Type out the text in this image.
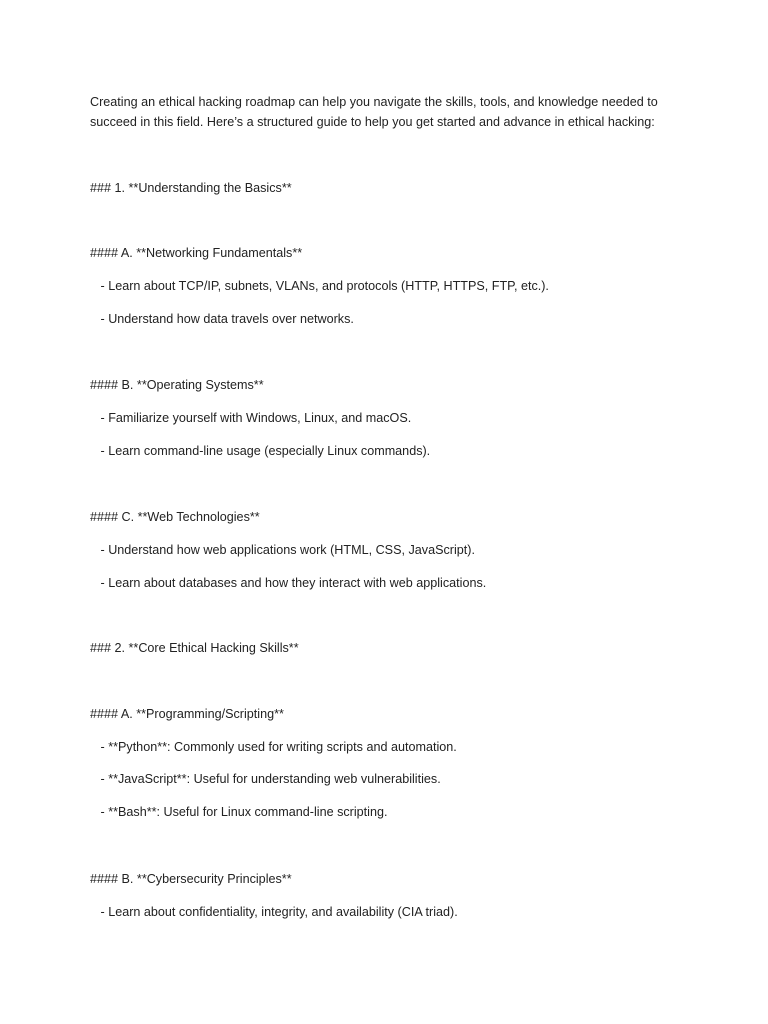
Creating an ethical hacking roadmap can help you navigate the skills, tools, and knowledge needed to
succeed in this field. Here’s a structured guide to help you get started and advance in ethical hacking:
### 1. **Understanding the Basics**
#### A. **Networking Fundamentals**
- Learn about TCP/IP, subnets, VLANs, and protocols (HTTP, HTTPS, FTP, etc.).
- Understand how data travels over networks.
#### B. **Operating Systems**
- Familiarize yourself with Windows, Linux, and macOS.
- Learn command-line usage (especially Linux commands).
#### C. **Web Technologies**
- Understand how web applications work (HTML, CSS, JavaScript).
- Learn about databases and how they interact with web applications.
### 2. **Core Ethical Hacking Skills**
#### A. **Programming/Scripting**
- **Python**: Commonly used for writing scripts and automation.
- **JavaScript**: Useful for understanding web vulnerabilities.
- **Bash**: Useful for Linux command-line scripting.
#### B. **Cybersecurity Principles**
- Learn about confidentiality, integrity, and availability (CIA triad).
